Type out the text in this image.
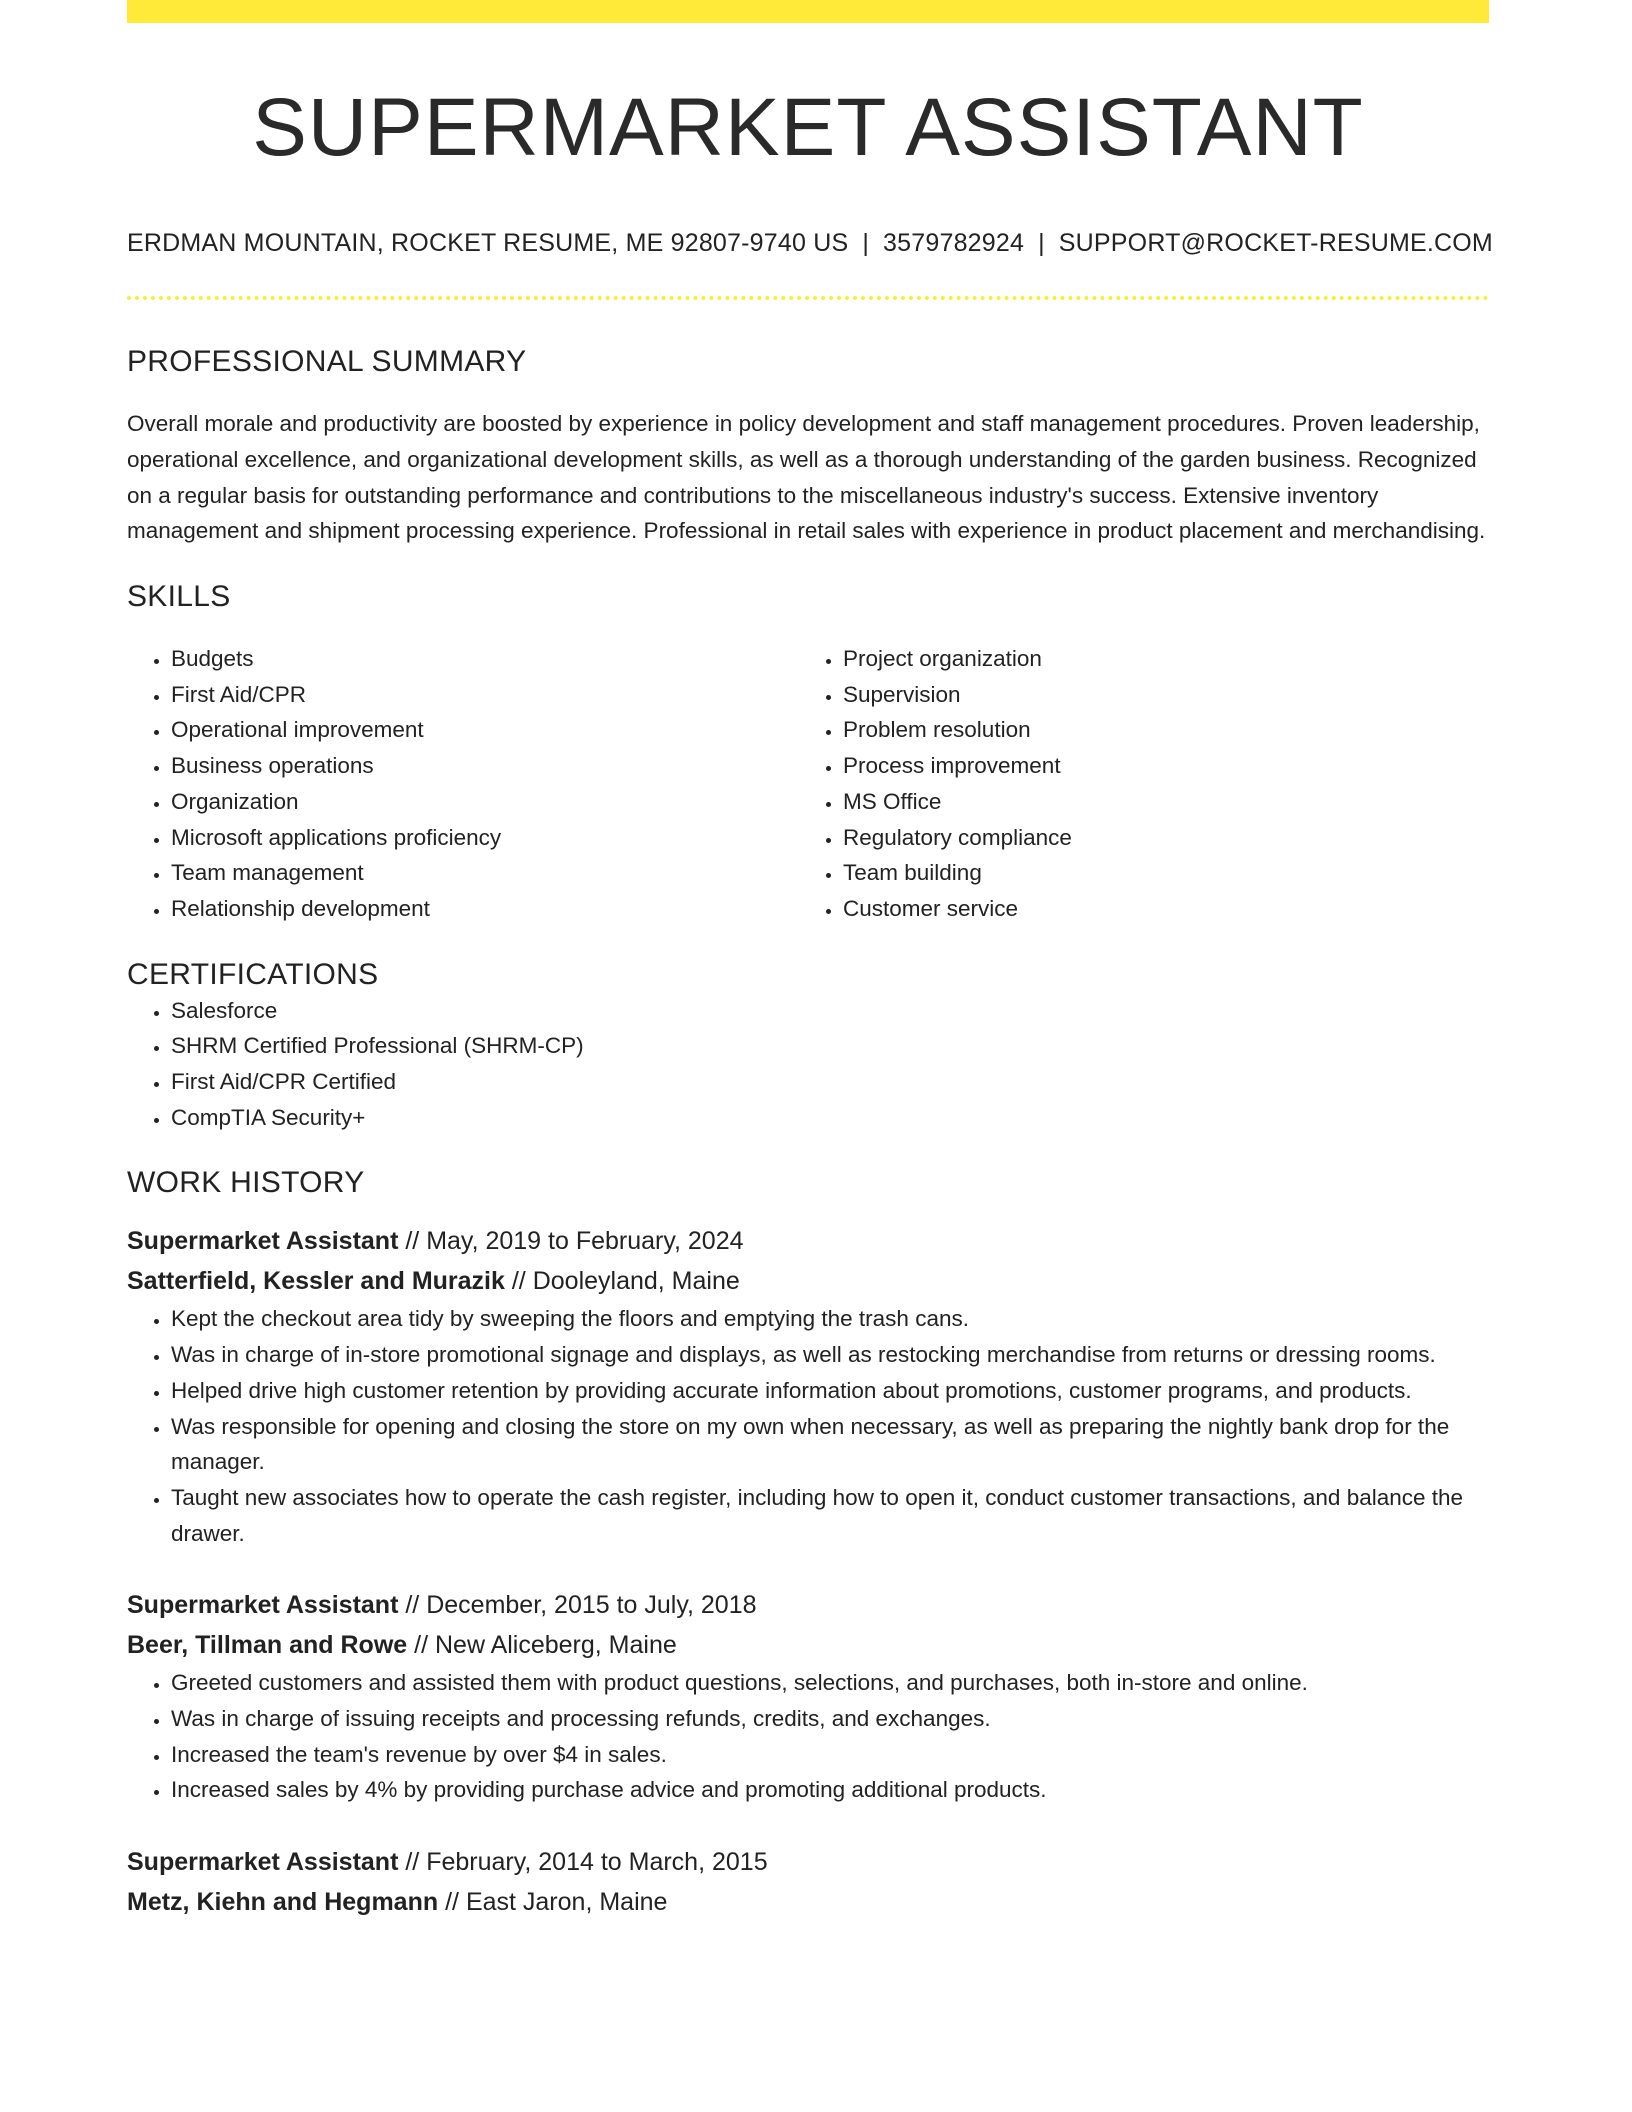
SUPERMARKET ASSISTANT
ERDMAN MOUNTAIN, ROCKET RESUME, ME 92807-9740 US | 3579782924 | SUPPORT@ROCKET-RESUME.COM
PROFESSIONAL SUMMARY

Overall morale and productivity are boosted by experience in policy development and staff management procedures. Proven leadership, operational excellence, and organizational development skills, as well as a thorough understanding of the garden business. Recognized on a regular basis for outstanding performance and contributions to the miscellaneous industry's success. Extensive inventory management and shipment processing experience. Professional in retail sales with experience in product placement and merchandising.

SKILLS
• Budgets
• First Aid/CPR
• Operational improvement
• Business operations
• Organization
• Microsoft applications proficiency
• Team management
• Relationship development
• Project organization
• Supervision
• Problem resolution
• Process improvement
• MS Office
• Regulatory compliance
• Team building
• Customer service
CERTIFICATIONS
• Salesforce
• SHRM Certified Professional (SHRM-CP)
• First Aid/CPR Certified
• CompTIA Security+
WORK HISTORY
Supermarket Assistant // May, 2019 to February, 2024
Satterfield, Kessler and Murazik // Dooleyland, Maine
• Kept the checkout area tidy by sweeping the floors and emptying the trash cans.
• Was in charge of in-store promotional signage and displays, as well as restocking merchandise from returns or dressing rooms.
• Helped drive high customer retention by providing accurate information about promotions, customer programs, and products.
• Was responsible for opening and closing the store on my own when necessary, as well as preparing the nightly bank drop for the manager.
• Taught new associates how to operate the cash register, including how to open it, conduct customer transactions, and balance the drawer.
Supermarket Assistant // December, 2015 to July, 2018
Beer, Tillman and Rowe // New Aliceberg, Maine
• Greeted customers and assisted them with product questions, selections, and purchases, both in-store and online.
• Was in charge of issuing receipts and processing refunds, credits, and exchanges.
• Increased the team's revenue by over $4 in sales.
• Increased sales by 4% by providing purchase advice and promoting additional products.
Supermarket Assistant // February, 2014 to March, 2015
Metz, Kiehn and Hegmann // East Jaron, Maine
